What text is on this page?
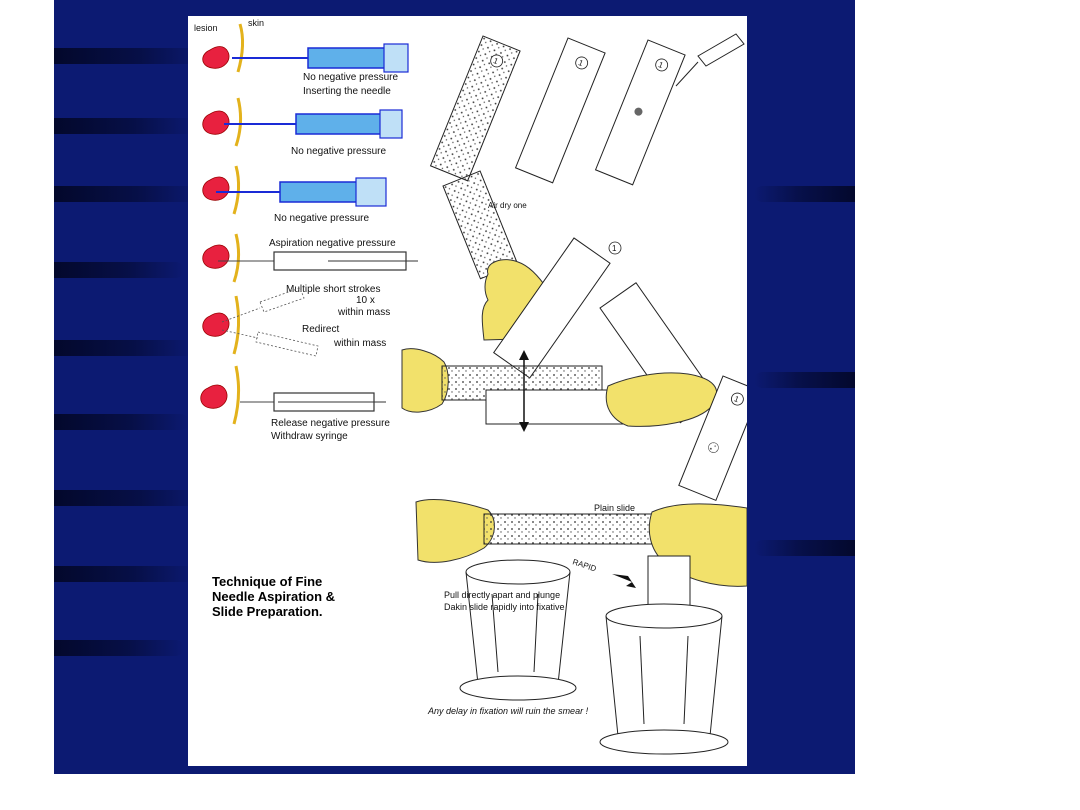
lesion	skin
No negative pressure
Inserting the needle
No negative pressure
No negative pressure
Aspiration negative pressure
Multiple short strokes
10 x
within mass
Redirect
within mass
Release negative pressure
Withdraw syringe
1	1	1
Air dry one
1
1
Plain slide
RAPID
Pull directly apart and plunge
Dakin slide rapidly into fixative
Any delay in fixation will ruin the smear !
Technique of Fine
Needle Aspiration &
Slide Preparation.
